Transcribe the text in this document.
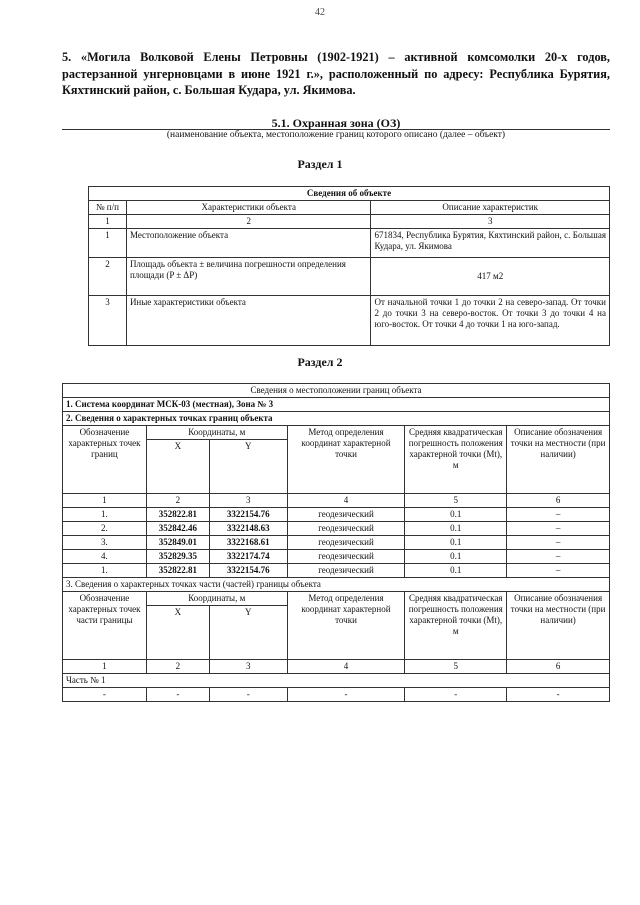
42
5. «Могила Волковой Елены Петровны (1902-1921) – активной комсомолки 20-х годов, растерзанной унгерновцами в июне 1921 г.», расположенный по адресу: Республика Бурятия, Кяхтинский район, с. Большая Кудара, ул. Якимова.
5.1. Охранная зона (ОЗ)
(наименование объекта, местоположение границ которого описано (далее – объект)
Раздел 1
Сведения об объекте		
№ п/п	Характеристики объекта	Описание характеристик
1	2	3
1	Местоположение объекта	671834, Республика Бурятия, Кяхтинский район, с. Большая Кудара, ул. Якимова
2	Площадь объекта ± величина погрешности определения площади (P ± ΔP)	417 м2
3	Иные характеристики объекта	От начальной точки 1 до точки 2 на северо-запад. От точки 2 до точки 3 на северо-восток. От точки 3 до точки 4 на юго-восток. От точки 4 до точки 1 на юго-запад.
Раздел 2
Сведения о местоположении границ объекта					
1. Система координат МСК-03 (местная), Зона № 3					
2. Сведения о характерных точках границ объекта					
Обозначение характерных точек границ	Координаты, м		Метод определения координат характерной точки	Средняя квадратическая погрешность положения характерной точки (Mt), м	Описание обозначения точки на местности (при наличии)
	X	Y			
1	2	3	4	5	6
1.	352822.81	3322154.76	геодезический	0.1	–
2.	352842.46	3322148.63	геодезический	0.1	–
3.	352849.01	3322168.61	геодезический	0.1	–
4.	352829.35	3322174.74	геодезический	0.1	–
1.	352822.81	3322154.76	геодезический	0.1	–
3. Сведения о характерных точках части (частей) границы объекта					
Обозначение характерных точек части границы	Координаты, м		Метод определения координат характерной точки	Средняя квадратическая погрешность положения характерной точки (Mt), м	Описание обозначения точки на местности (при наличии)
	X	Y			
1	2	3	4	5	6
Часть № 1					
-	-	-	-	-	-
